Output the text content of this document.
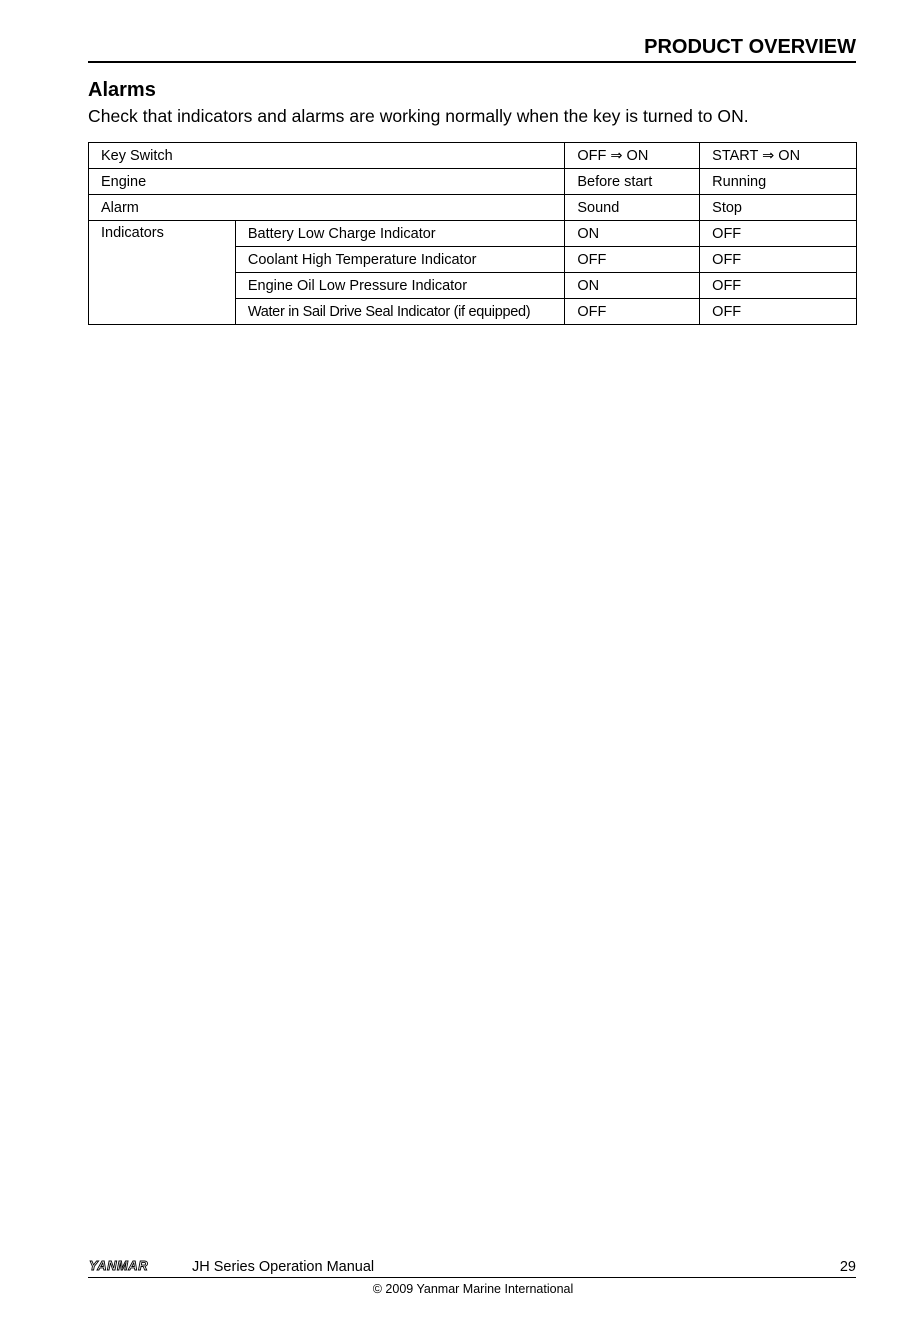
PRODUCT OVERVIEW
Alarms

Check that indicators and alarms are working normally when the key is turned to ON.

Key Switch		OFF ⇒ ON	START ⇒ ON
Engine		Before start	Running
Alarm		Sound	Stop
Indicators	Battery Low Charge Indicator	ON	OFF
	Coolant High Temperature Indicator	OFF	OFF
	Engine Oil Low Pressure Indicator	ON	OFF
	Water in Sail Drive Seal Indicator (if equipped)	OFF	OFF
YANMAR	JH Series Operation Manual	29
© 2009 Yanmar Marine International
